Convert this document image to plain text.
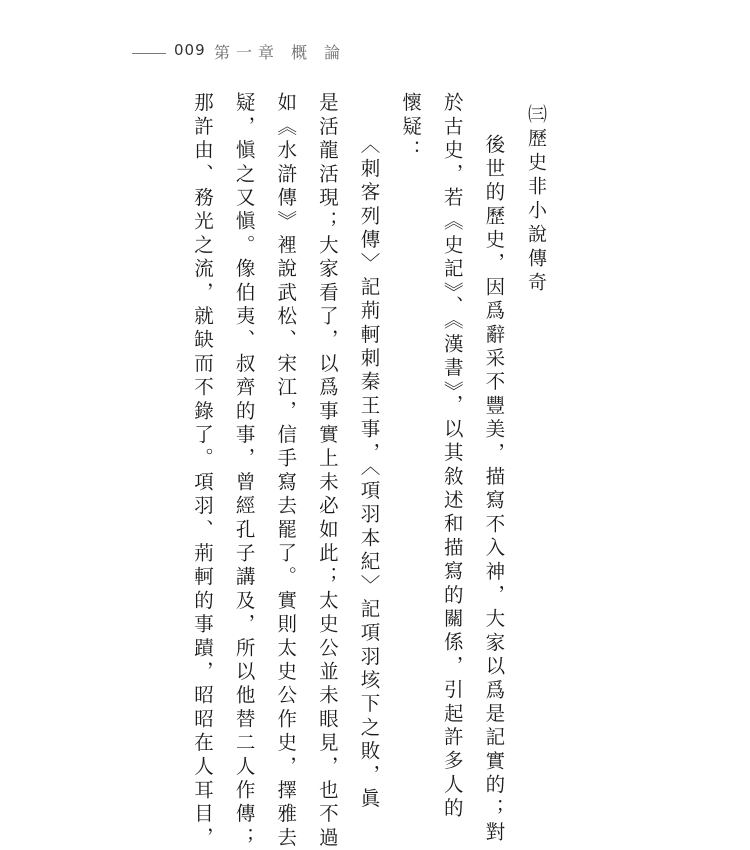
009 第一章 概 論
㈢歷史非小說傳奇
後世的歷史，因爲辭采不豐美，描寫不入神，大家以爲是記實的；對
於古史，若《史記》、《漢書》，以其敘述和描寫的關係，引起許多人的
懷疑：
〈刺客列傳〉記荊軻刺秦王事，〈項羽本紀〉記項羽垓下之敗，眞
是活龍活現；大家看了，以爲事實上未必如此；太史公並未眼見，也不過
如《水滸傳》裡說武松、宋江，信手寫去罷了。實則太史公作史，擇雅去
疑，愼之又愼。像伯夷、叔齊的事，曾經孔子講及，所以他替二人作傳；
那許由、務光之流，就缺而不錄了。項羽、荊軻的事蹟，昭昭在人耳目，
